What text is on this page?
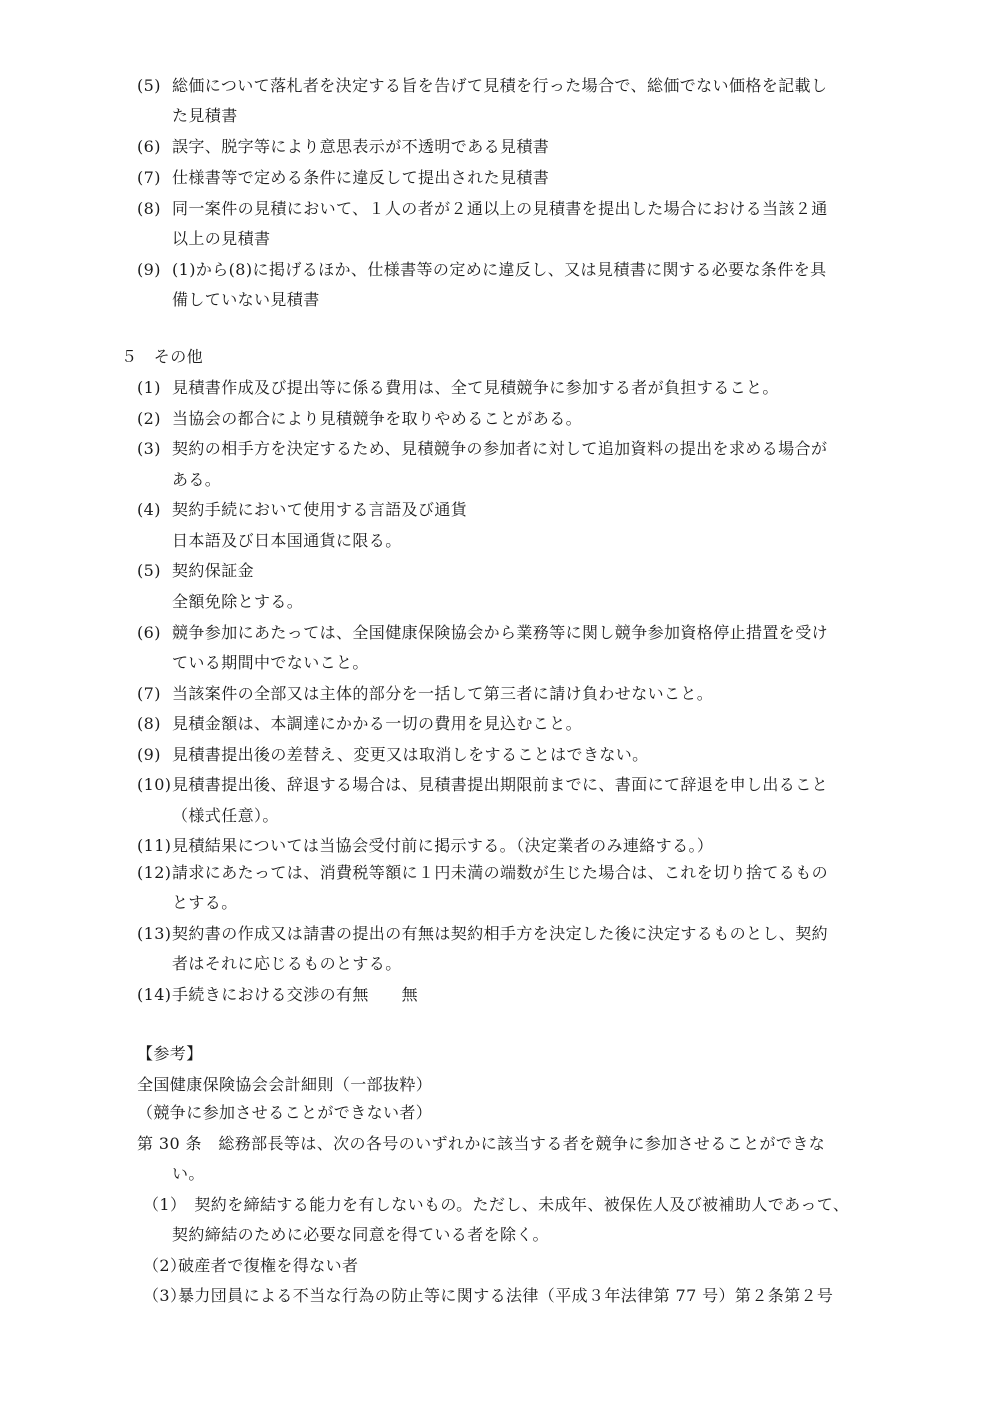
(5) 総価について落札者を決定する旨を告げて見積を行った場合で、総価でない価格を記載し
た見積書
(6) 誤字、脱字等により意思表示が不透明である見積書
(7) 仕様書等で定める条件に違反して提出された見積書
(8) 同一案件の見積において、１人の者が２通以上の見積書を提出した場合における当該２通
以上の見積書
(9) (1)から(8)に掲げるほか、仕様書等の定めに違反し、又は見積書に関する必要な条件を具
備していない見積書
５　その他
(1) 見積書作成及び提出等に係る費用は、全て見積競争に参加する者が負担すること。
(2) 当協会の都合により見積競争を取りやめることがある。
(3) 契約の相手方を決定するため、見積競争の参加者に対して追加資料の提出を求める場合が
ある。
(4) 契約手続において使用する言語及び通貨
日本語及び日本国通貨に限る。
(5) 契約保証金
全額免除とする。
(6) 競争参加にあたっては、全国健康保険協会から業務等に関し競争参加資格停止措置を受け
ている期間中でないこと。
(7) 当該案件の全部又は主体的部分を一括して第三者に請け負わせないこと。
(8) 見積金額は、本調達にかかる一切の費用を見込むこと。
(9) 見積書提出後の差替え、変更又は取消しをすることはできない。
(10) 見積書提出後、辞退する場合は、見積書提出期限前までに、書面にて辞退を申し出ること
（様式任意）。
(11) 見積結果については当協会受付前に掲示する。（決定業者のみ連絡する。）
(12) 請求にあたっては、消費税等額に１円未満の端数が生じた場合は、これを切り捨てるもの
とする。
(13) 契約書の作成又は請書の提出の有無は契約相手方を決定した後に決定するものとし、契約
者はそれに応じるものとする。
(14) 手続きにおける交渉の有無　　無
【参考】
全国健康保険協会会計細則（一部抜粋）
（競争に参加させることができない者）
第 30 条　総務部長等は、次の各号のいずれかに該当する者を競争に参加させることができな
い。
（1）
　契約を締結する能力を有しないもの。ただし、未成年、被保佐人及び被補助人であって、
契約締結のために必要な同意を得ている者を除く。
（2）
破産者で復権を得ない者
（3）
暴力団員による不当な行為の防止等に関する法律（平成３年法律第 77 号）第２条第２号
